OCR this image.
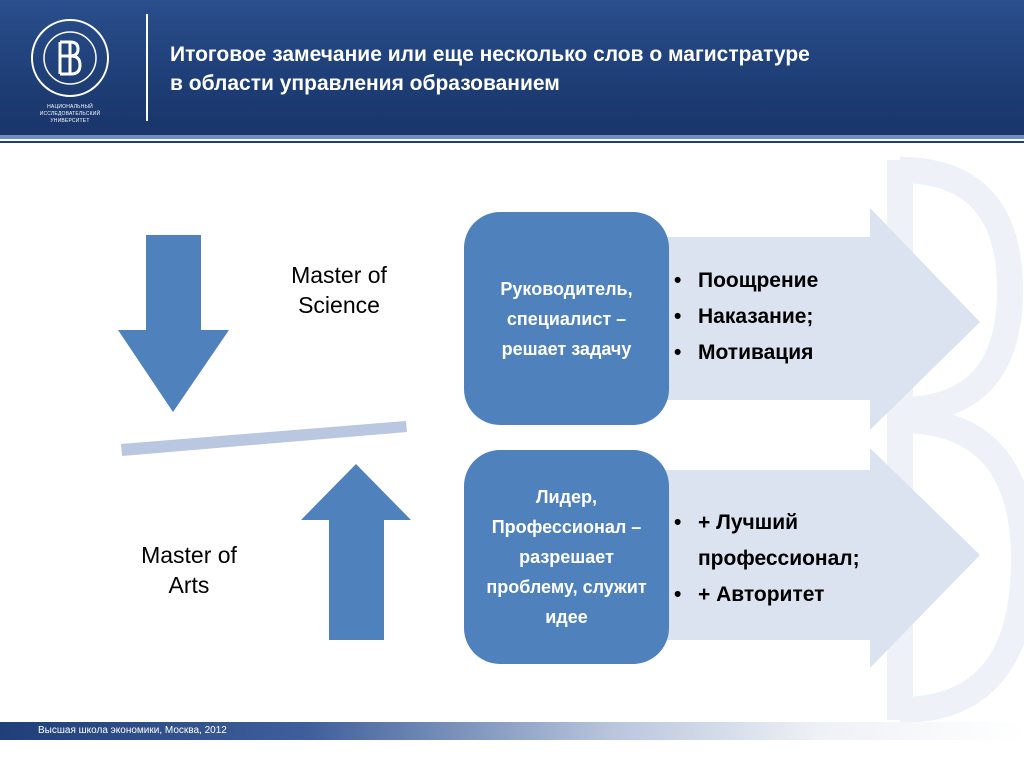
НАЦИОНАЛЬНЫЙ ИССЛЕДОВАТЕЛЬСКИЙ
УНИВЕРСИТЕТ
Итоговое замечание или еще несколько слов о магистратуре
в области управления образованием
Master of Science
Master of Arts
Руководитель, специалист – решает задачу
Лидер, Профессионал – разрешает проблему, служит идее
• Поощрение
• Наказание;
• Мотивация
• + Лучший профессионал;
• + Авторитет
Высшая школа экономики, Москва, 2012
